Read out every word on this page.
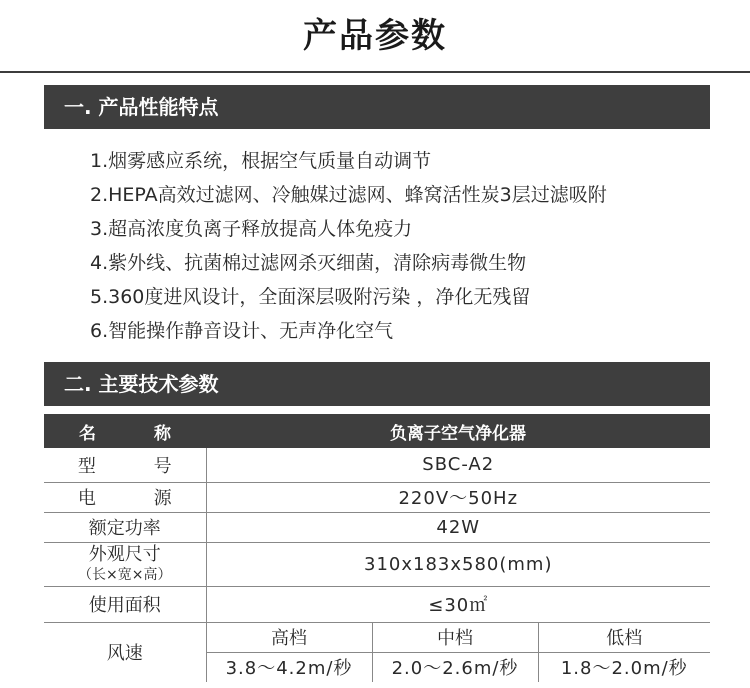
产品参数
一. 产品性能特点
1.烟雾感应系统，根据空气质量自动调节
2.HEPA高效过滤网、冷触媒过滤网、蜂窝活性炭3层过滤吸附
3.超高浓度负离子释放提高人体免疫力
4.紫外线、抗菌棉过滤网杀灭细菌，清除病毒微生物
5.360度进风设计，全面深层吸附污染 ，净化无残留
6.智能操作静音设计、无声净化空气
二. 主要技术参数
名 称	负离子空气净化器		
型 号	SBC-A2		
电 源	220V～50Hz		
额定功率	42W		

外观尺寸
（长×宽×高）	310x183x580(mm)		
使用面积	≤30㎡		
风速	高档	中档	低档
	3.8～4.2m/秒	2.0～2.6m/秒	1.8～2.0m/秒
